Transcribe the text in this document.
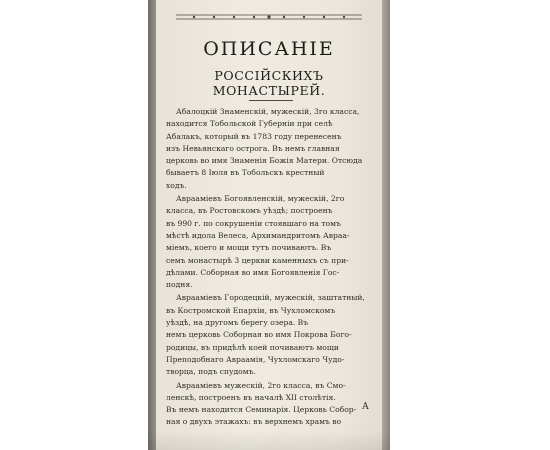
ОПИСАНІЕ
РОССІЙСКИХЪ МОНАСТЫРЕЙ.
Абалоцкій Знаменскій, мужескій, 3го класса,
находится Тобольской Губерніи при селѣ
Абалакъ, который въ 1783 году перенесенъ
изъ Невьянскаго острога. Въ немъ главная
церковь во имя Знаменія Божія Матери. Отсюда
бываетъ 8 Іюля въ Тобольскъ крестный
ходъ.
Авраамiевъ Богоявленскій, мужескій, 2го
класса, въ Ростовскомъ уѣздѣ; построенъ
въ 990 г. по сокрушеніи стоявшаго на томъ
мѣстѣ идола Велеса, Архимандритомъ Авраа-
міемъ, коего и мощи тутъ почиваютъ. Въ
семъ монастырѣ 3 церкви каменныхъ съ при-
дѣлами. Соборная во имя Богоявленія Гос-
подня.
Авраамiевъ Городецкій, мужескій, заштатный,
въ Костромской Епархіи, въ Чухломскомъ
уѣздѣ, на другомъ берегу озера. Въ
немъ церковь Соборная во имя Покрова Бого-
родицы, въ придѣлѣ коей почиваютъ мощи
Преподобнаго Авраамія, Чухломскаго Чудо-
творца, подъ спудомъ.
Авраамiевъ мужескій, 2го класса, въ Смо-
ленскѣ, построенъ въ началѣ XII столѣтія.
Въ немъ находится Семинарія. Церковь Собор-
ная о двухъ этажахъ: въ верхнемъ храмъ во
А
